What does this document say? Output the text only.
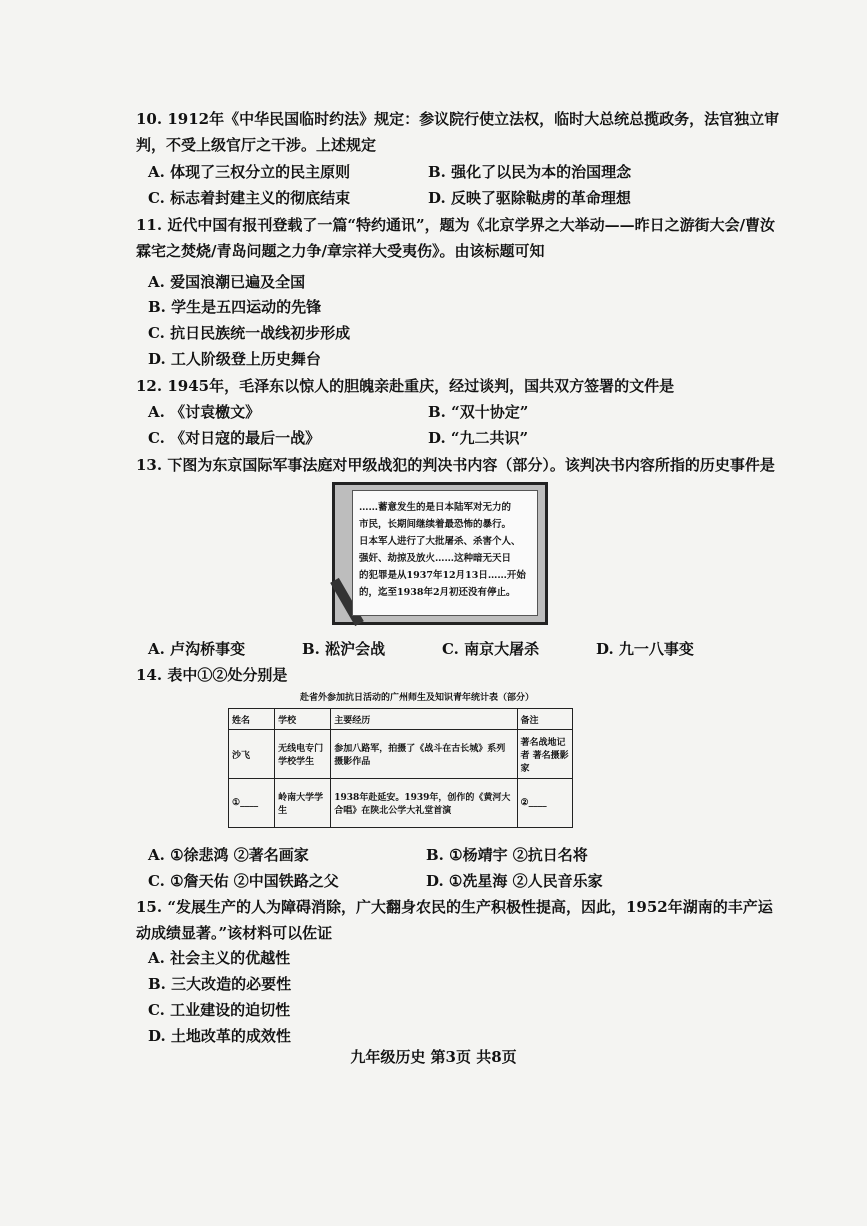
10. 1912年《中华民国临时约法》规定：参议院行使立法权，临时大总统总揽政务，法官独立审判，不受上级官厅之干涉。上述规定
A. 体现了三权分立的民主原则	B. 强化了以民为本的治国理念
C. 标志着封建主义的彻底结束	D. 反映了驱除鞑虏的革命理想
11. 近代中国有报刊登载了一篇“特约通讯”，题为《北京学界之大举动——昨日之游街大会/曹汝霖宅之焚烧/青岛问题之力争/章宗祥大受夷伤》。由该标题可知
A. 爱国浪潮已遍及全国
B. 学生是五四运动的先锋
C. 抗日民族统一战线初步形成
D. 工人阶级登上历史舞台
12. 1945年，毛泽东以惊人的胆魄亲赴重庆，经过谈判，国共双方签署的文件是
A. 《讨袁檄文》	B. “双十协定”
C. 《对日寇的最后一战》	D. “九二共识”
13. 下图为东京国际军事法庭对甲级战犯的判决书内容（部分）。该判决书内容所指的历史事件是
……蓄意发生的是日本陆军对无力的
市民，长期间继续着最恐怖的暴行。
日本军人进行了大批屠杀、杀害个人、
强奸、劫掠及放火……这种暗无天日
的犯罪是从1937年12月13日……开始
的，迄至1938年2月初还没有停止。
A. 卢沟桥事变	B. 淞沪会战	C. 南京大屠杀	D. 九一八事变
14. 表中①②处分别是
赴省外参加抗日活动的广州师生及知识青年统计表（部分）
姓名	学校	主要经历	备注
沙飞	无线电专门学校学生	参加八路军，拍摄了《战斗在古长城》系列摄影作品	著名战地记者 著名摄影家
①____	岭南大学学生	1938年赴延安。1939年，创作的《黄河大合唱》在陕北公学大礼堂首演	②____
A. ①徐悲鸿 ②著名画家	B. ①杨靖宇 ②抗日名将
C. ①詹天佑 ②中国铁路之父	D. ①冼星海 ②人民音乐家
15. “发展生产的人为障碍消除，广大翻身农民的生产积极性提高，因此，1952年湖南的丰产运动成绩显著。”该材料可以佐证
A. 社会主义的优越性
B. 三大改造的必要性
C. 工业建设的迫切性
D. 土地改革的成效性
九年级历史 第3页 共8页
